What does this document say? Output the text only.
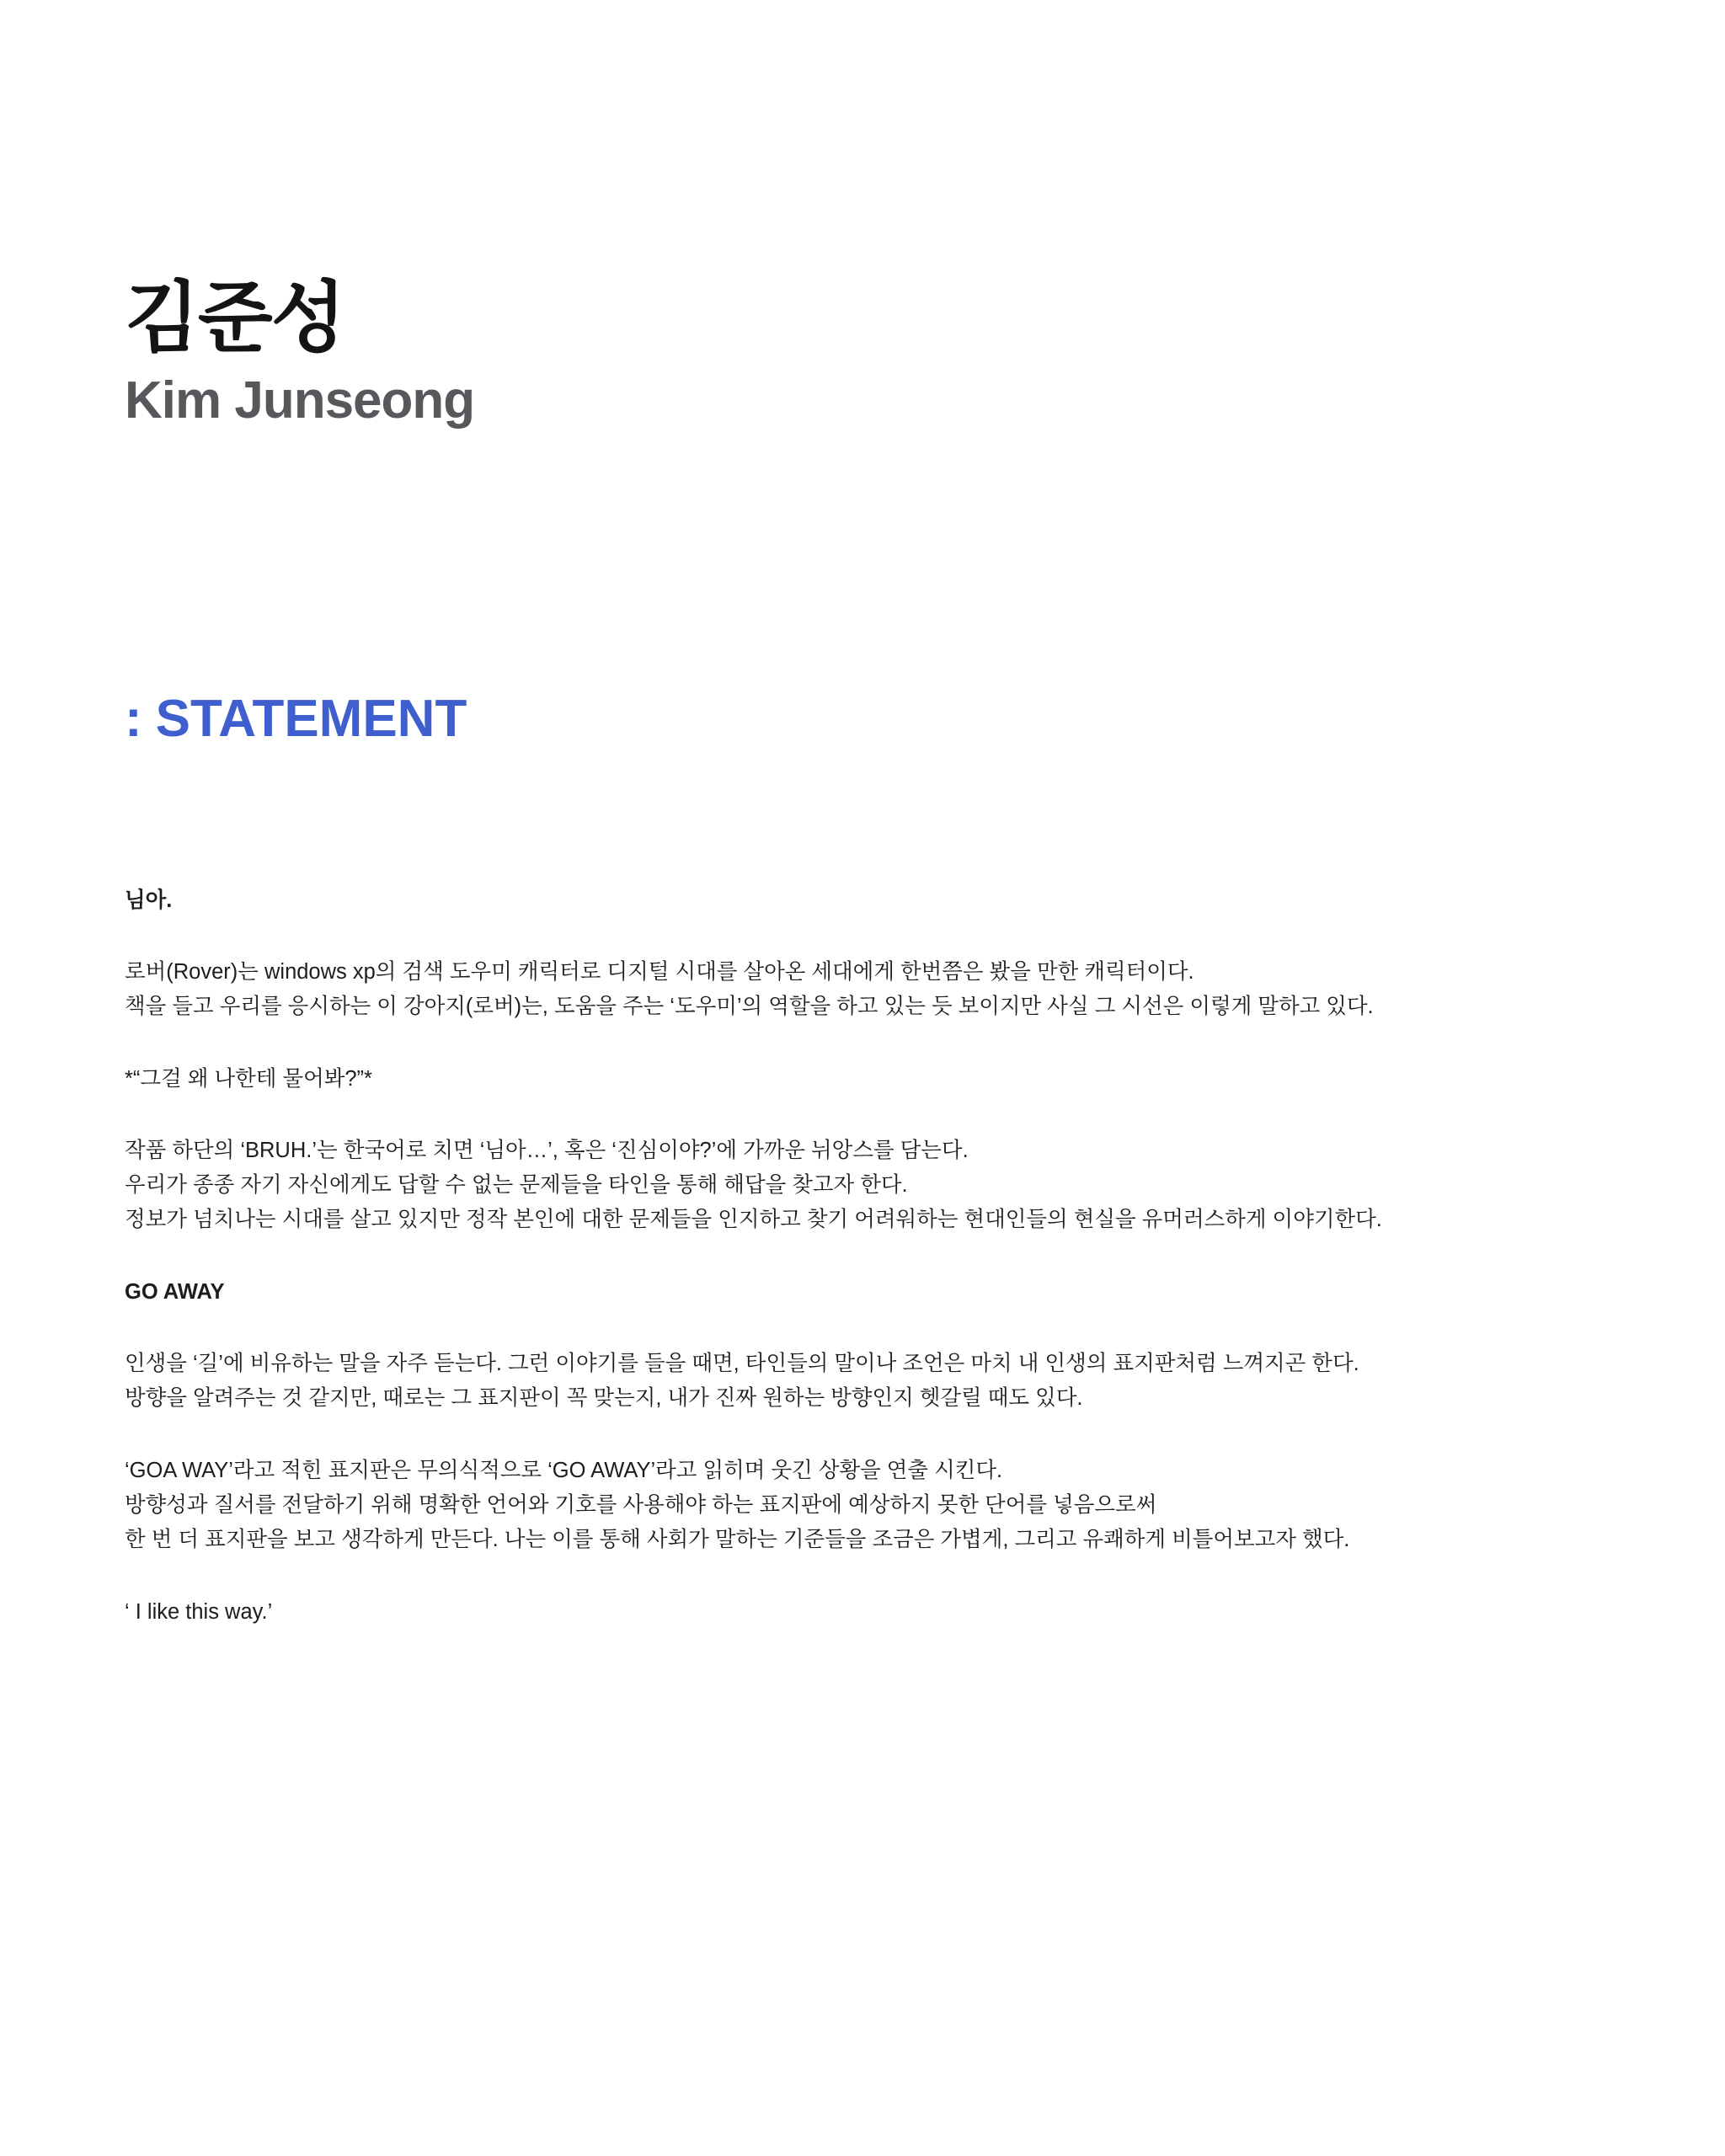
김준성
Kim Junseong
: STATEMENT
님아.
로버(Rover)는 windows xp의 검색 도우미 캐릭터로 디지털 시대를 살아온 세대에게 한번쯤은 봤을 만한 캐릭터이다.
책을 들고 우리를 응시하는 이 강아지(로버)는, 도움을 주는 ‘도우미’의 역할을 하고 있는 듯 보이지만 사실 그 시선은 이렇게 말하고 있다.
*“그걸 왜 나한테 물어봐?”*
작품 하단의 ‘BRUH.’는 한국어로 치면 ‘님아…’, 혹은 ‘진심이야?’에 가까운 뉘앙스를 담는다.
우리가 종종 자기 자신에게도 답할 수 없는 문제들을 타인을 통해 해답을 찾고자 한다.
정보가 넘치나는 시대를 살고 있지만 정작 본인에 대한 문제들을 인지하고 찾기 어려워하는 현대인들의 현실을 유머러스하게 이야기한다.
GO AWAY
인생을 ‘길’에 비유하는 말을 자주 듣는다. 그런 이야기를 들을 때면, 타인들의 말이나 조언은 마치 내 인생의 표지판처럼 느껴지곤 한다.
방향을 알려주는 것 같지만, 때로는 그 표지판이 꼭 맞는지, 내가 진짜 원하는 방향인지 헷갈릴 때도 있다.
‘GOA WAY’라고 적힌 표지판은 무의식적으로 ‘GO AWAY’라고 읽히며 웃긴 상황을 연출 시킨다.
방향성과 질서를 전달하기 위해 명확한 언어와 기호를 사용해야 하는 표지판에 예상하지 못한 단어를 넣음으로써
한 번 더 표지판을 보고 생각하게 만든다. 나는 이를 통해 사회가 말하는 기준들을 조금은 가볍게, 그리고 유쾌하게 비틀어보고자 했다.
‘ I like this way.’
